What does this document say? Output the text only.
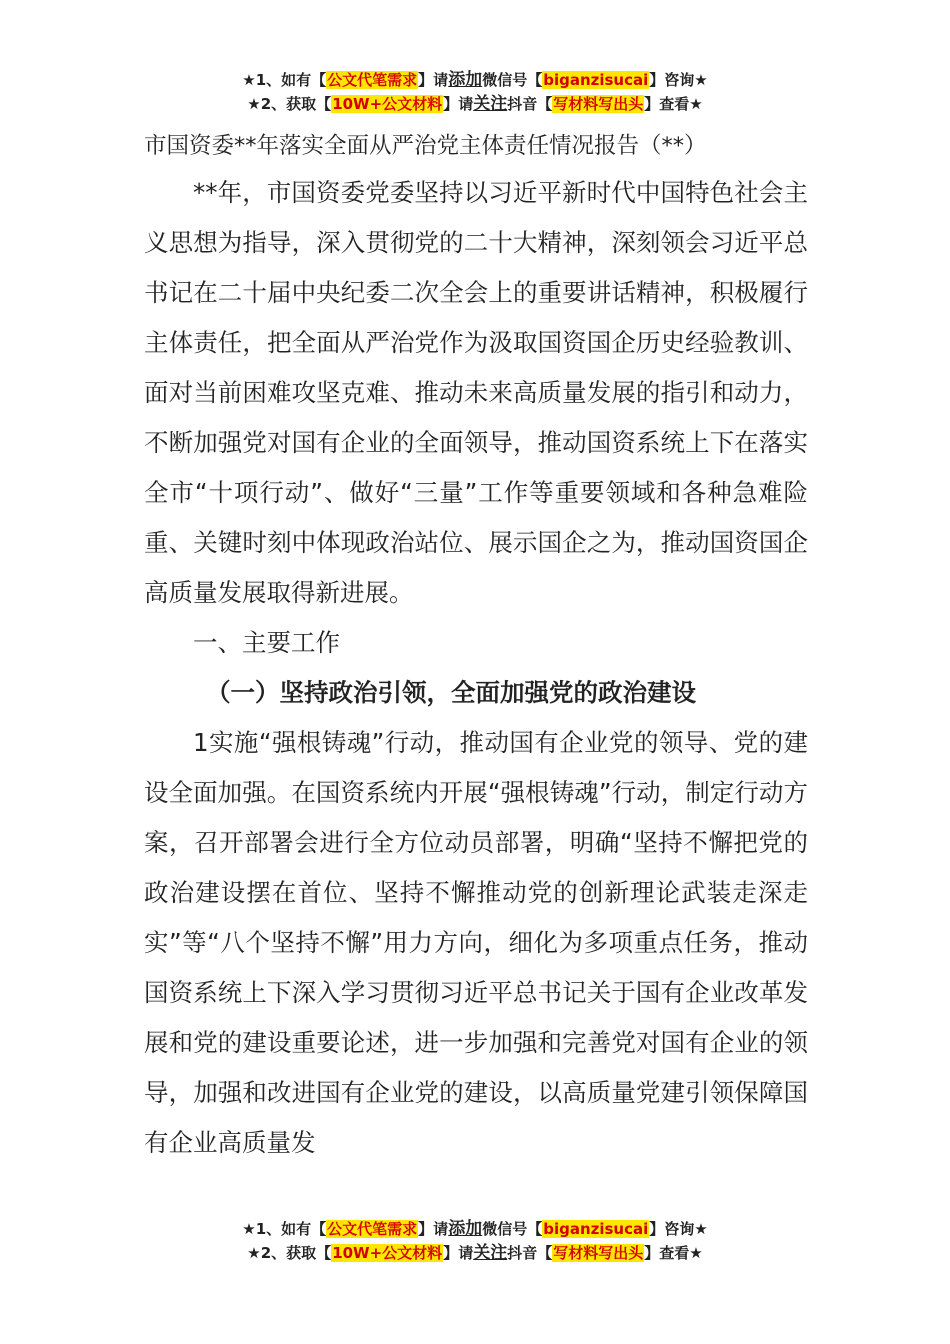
★1、如有【公文代笔需求】请添加微信号【biganzisucai】咨询★
★2、获取【10W+公文材料】请关注抖音【写材料写出头】查看★
市国资委**年落实全面从严治党主体责任情况报告（**）

**年，市国资委党委坚持以习近平新时代中国特色社会主义思想为指导，深入贯彻党的二十大精神，深刻领会习近平总书记在二十届中央纪委二次全会上的重要讲话精神，积极履行主体责任，把全面从严治党作为汲取国资国企历史经验教训、面对当前困难攻坚克难、推动未来高质量发展的指引和动力，不断加强党对国有企业的全面领导，推动国资系统上下在落实全市“十项行动”、做好“三量”工作等重要领域和各种急难险重、关键时刻中体现政治站位、展示国企之为，推动国资国企高质量发展取得新进展。

一、主要工作

（一）坚持政治引领，全面加强党的政治建设

1实施“强根铸魂”行动，推动国有企业党的领导、党的建设全面加强。在国资系统内开展“强根铸魂”行动，制定行动方案，召开部署会进行全方位动员部署，明确“坚持不懈把党的政治建设摆在首位、坚持不懈推动党的创新理论武装走深走实”等“八个坚持不懈”用力方向，细化为多项重点任务，推动国资系统上下深入学习贯彻习近平总书记关于国有企业改革发展和党的建设重要论述，进一步加强和完善党对国有企业的领导，加强和改进国有企业党的建设，以高质量党建引领保障国有企业高质量发

★1、如有【公文代笔需求】请添加微信号【biganzisucai】咨询★
★2、获取【10W+公文材料】请关注抖音【写材料写出头】查看★
